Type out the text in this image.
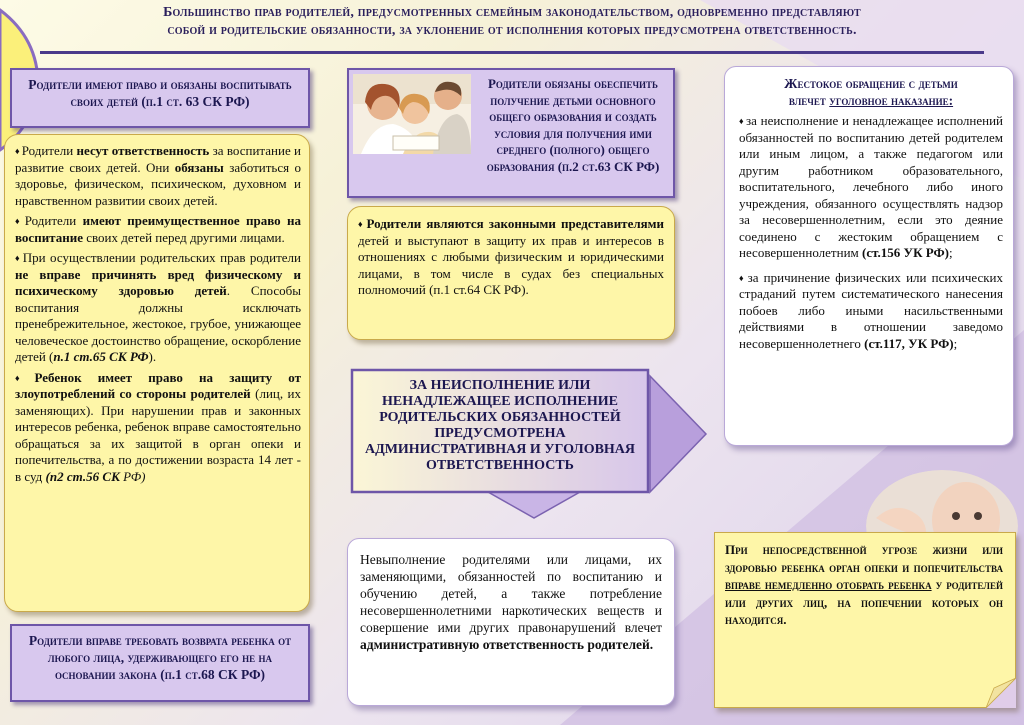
Большинство прав родителей, предусмотренных семейным законодательством, одновременно представляют
собой и родительские обязанности, за уклонение от исполнения которых предусмотрена ответственность.
Родители имеют право и обязаны воспитывать своих детей (п.1 ст. 63 СК РФ)

♦ Родители несут ответственность за воспитание и развитие своих детей. Они обязаны заботиться о здоровье, физическом, психическом, духовном и нравственном развитии своих детей.

♦ Родители имеют преимущественное право на воспитание своих детей перед другими лицами.

♦ При осуществлении родительских прав родители не вправе причинять вред физическому и психическому здоровью детей. Способы воспитания должны исключать пренебрежительное, жестокое, грубое, унижающее человеческое достоинство обращение, оскорбление детей (п.1 ст.65 СК РФ).

♦ Ребенок имеет право на защиту от злоупотреблений со стороны родителей (лиц, их заменяющих). При нарушении прав и законных интересов ребенка, ребенок вправе самостоятельно обращаться за их защитой в орган опеки и попечительства, а по достижении возраста 14 лет - в суд (п2 ст.56 СК РФ)

Родители вправе требовать возврата ребенка от любого лица, удерживающего его не на основании закона (п.1 ст.68 СК РФ)
Родители обязаны обеспечить получение детьми основного общего образования и создать условия для получения ими среднего (полного) общего образования (п.2 ст.63 СК РФ)

♦ Родители являются законными представителями детей и выступают в защиту их прав и интересов в отношениях с любыми физическим и юридическими лицами, в том числе в судах без специальных полномочий (п.1 ст.64 СК РФ).

ЗА НЕИСПОЛНЕНИЕ ИЛИ НЕНАДЛЕЖАЩЕЕ ИСПОЛНЕНИЕ РОДИТЕЛЬСКИХ ОБЯЗАННОСТЕЙ ПРЕДУСМОТРЕНА АДМИНИСТРАТИВНАЯ И УГОЛОВНАЯ ОТВЕТСТВЕННОСТЬ

Невыполнение родителями или лицами, их заменяющими, обязанностей по воспитанию и обучению детей, а также потребление несовершеннолетними наркотических веществ и совершение ими других правонарушений влечет административную ответственность родителей.

Жестокое обращение с детьми
влечет уголовное наказание:

♦ за неисполнение и ненадлежащее исполнений обязанностей по воспитанию детей родителем или иным лицом, а также педагогом или другим работником образовательного, воспитательного, лечебного либо иного учреждения, обязанного осуществлять надзор за несовершеннолетним, если это деяние соединено с жестоким обращением с несовершеннолетним (ст.156 УК РФ);

♦ за причинение физических или психических страданий путем систематического нанесения побоев либо иными насильственными действиями в отношении заведомо несовершеннолетнего (ст.117, УК РФ);

При непосредственной угрозе жизни или здоровью ребенка орган опеки и попечительства вправе немедленно отобрать ребенка у родителей или других лиц, на попечении которых он находится.
